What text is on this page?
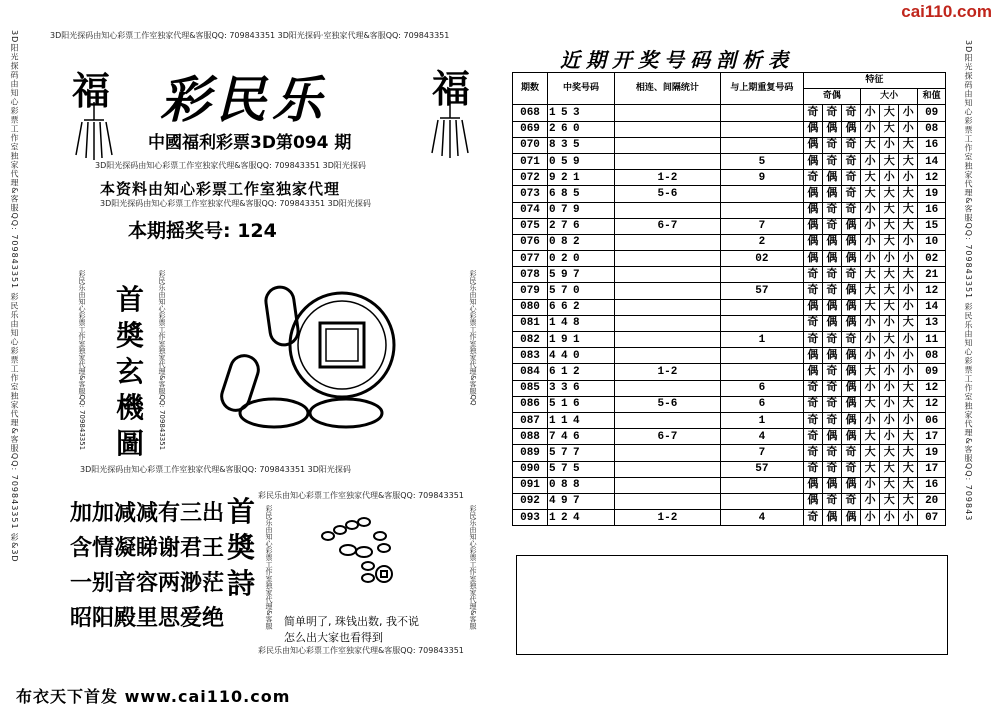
cai110.com
3D阳光探码由知心彩票工作室独家代理&客服QQ: 709843351 彩民乐由知心彩票工作室独家代理&客服QQ: 709843351 彩&3D	3D阳光探码由知心彩票工作室独家代理&客服QQ: 709843351 彩民乐由知心彩票工作室独家代理&客服QQ: 709843
3D阳光探码由知心彩票工作室独家代理&客服QQ: 709843351 3D阳光探码·室独家代理&客服QQ: 709843351
福	福
彩民乐
中國福利彩票3D第094 期
3D阳光探码由知心彩票工作室独家代理&客服QQ: 709843351 3D阳光探码
本资料由知心彩票工作室独家代理
3D阳光探码由知心彩票工作室独家代理&客服QQ: 709843351 3D阳光探码
本期摇奖号: 124
彩民乐由知心彩票工作室独家代理&客服QQ: 709843351	彩民乐由知心彩票工作室独家代理&客服QQ: 709843351
首
奬
玄
機
圖
彩民乐由知心彩票工作室独家代理&客服QQ
3D阳光探码由知心彩票工作室独家代理&客服QQ: 709843351 3D阳光探码
加加减减有三出
含情凝睇谢君王
一别音容两渺茫
昭阳殿里思爱绝
首
奬
詩
彩民乐由知心彩票工作室独家代理&客服QQ: 709843351
彩民乐由知心彩票工作室独家代理&客服	彩民乐由知心彩票工作室独家代理&客服
简单明了, 珠钱出数, 我不说
怎么出大家也看得到
彩民乐由知心彩票工作室独家代理&客服QQ: 709843351
布衣天下首发 www.cai110.com
近期开奖号码剖析表
期数	中奖号码	相连、间隔统计	与上期重复号码	特征						
				奇偶			大小			和值
068	1 5 3			奇	奇	奇	小	大	小	09
069	2 6 0			偶	偶	偶	小	大	小	08
070	8 3 5			偶	奇	奇	大	小	大	16
071	0 5 9		5	偶	奇	奇	小	大	大	14
072	9 2 1	1-2	9	奇	偶	奇	大	小	小	12
073	6 8 5	5-6		偶	偶	奇	大	大	大	19
074	0 7 9			偶	奇	奇	小	大	大	16
075	2 7 6	6-7	7	偶	奇	偶	小	大	大	15
076	0 8 2		2	偶	偶	偶	小	大	小	10
077	0 2 0		02	偶	偶	偶	小	小	小	02
078	5 9 7			奇	奇	奇	大	大	大	21
079	5 7 0		57	奇	奇	偶	大	大	小	12
080	6 6 2			偶	偶	偶	大	大	小	14
081	1 4 8			奇	偶	偶	小	小	大	13
082	1 9 1		1	奇	奇	奇	小	大	小	11
083	4 4 0			偶	偶	偶	小	小	小	08
084	6 1 2	1-2		偶	奇	偶	大	小	小	09
085	3 3 6		6	奇	奇	偶	小	小	大	12
086	5 1 6	5-6	6	奇	奇	偶	大	小	大	12
087	1 1 4		1	奇	奇	偶	小	小	小	06
088	7 4 6	6-7	4	奇	偶	偶	大	小	大	17
089	5 7 7		7	奇	奇	奇	大	大	大	19
090	5 7 5		57	奇	奇	奇	大	大	大	17
091	0 8 8			偶	偶	偶	小	大	大	16
092	4 9 7			偶	奇	奇	小	大	大	20
093	1 2 4	1-2	4	奇	偶	偶	小	小	小	07
